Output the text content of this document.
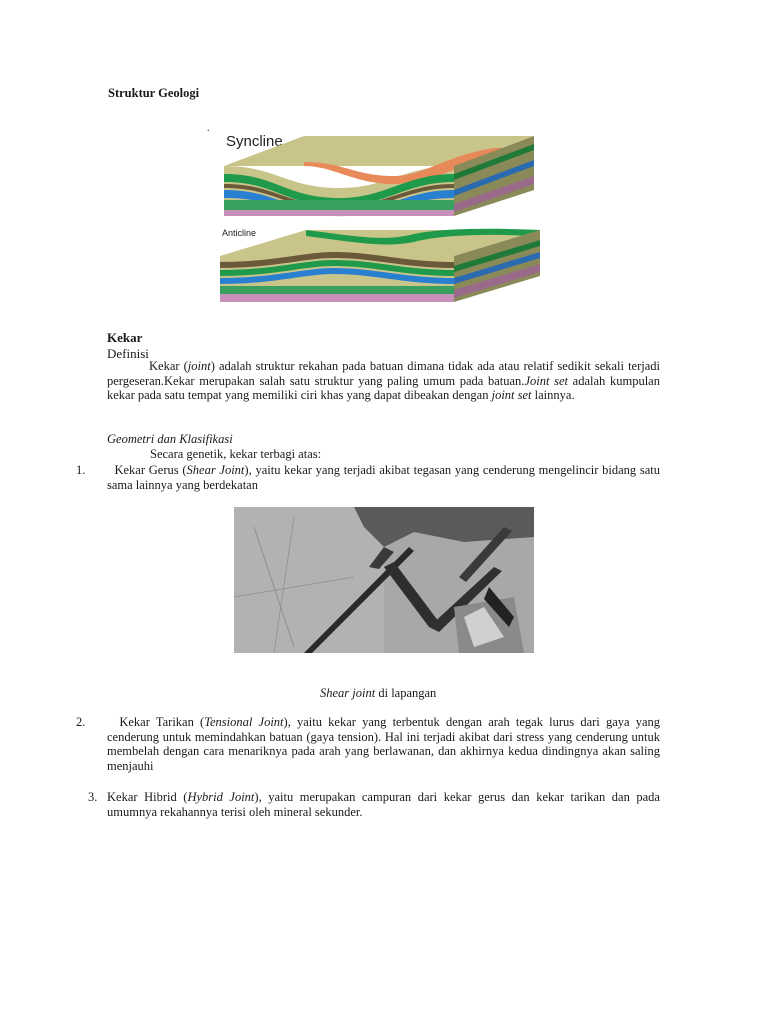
Struktur Geologi
.
Syncline
Anticline
Kekar
Definisi
Kekar (joint) adalah struktur rekahan pada batuan dimana tidak ada atau relatif sedikit sekali terjadi pergeseran.Kekar merupakan salah satu struktur yang paling umum pada batuan.Joint set adalah kumpulan kekar pada satu tempat yang memiliki ciri khas yang dapat dibeakan dengan joint set lainnya.
Geometri dan Klasifikasi
Secara genetik, kekar terbagi atas:
1.	Kekar Gerus (Shear Joint), yaitu kekar yang terjadi akibat tegasan yang cenderung mengelincir bidang satu sama lainnya yang berdekatan
Shear joint di lapangan
2.	Kekar Tarikan (Tensional Joint), yaitu kekar yang terbentuk dengan arah tegak lurus dari gaya yang cenderung untuk memindahkan batuan (gaya tension). Hal ini terjadi akibat dari stress yang cenderung untuk membelah dengan cara menariknya pada arah yang berlawanan, dan akhirnya kedua dindingnya akan saling menjauhi
3. Kekar Hibrid (Hybrid Joint), yaitu merupakan campuran dari kekar gerus dan kekar tarikan dan pada umumnya rekahannya terisi oleh mineral sekunder.
